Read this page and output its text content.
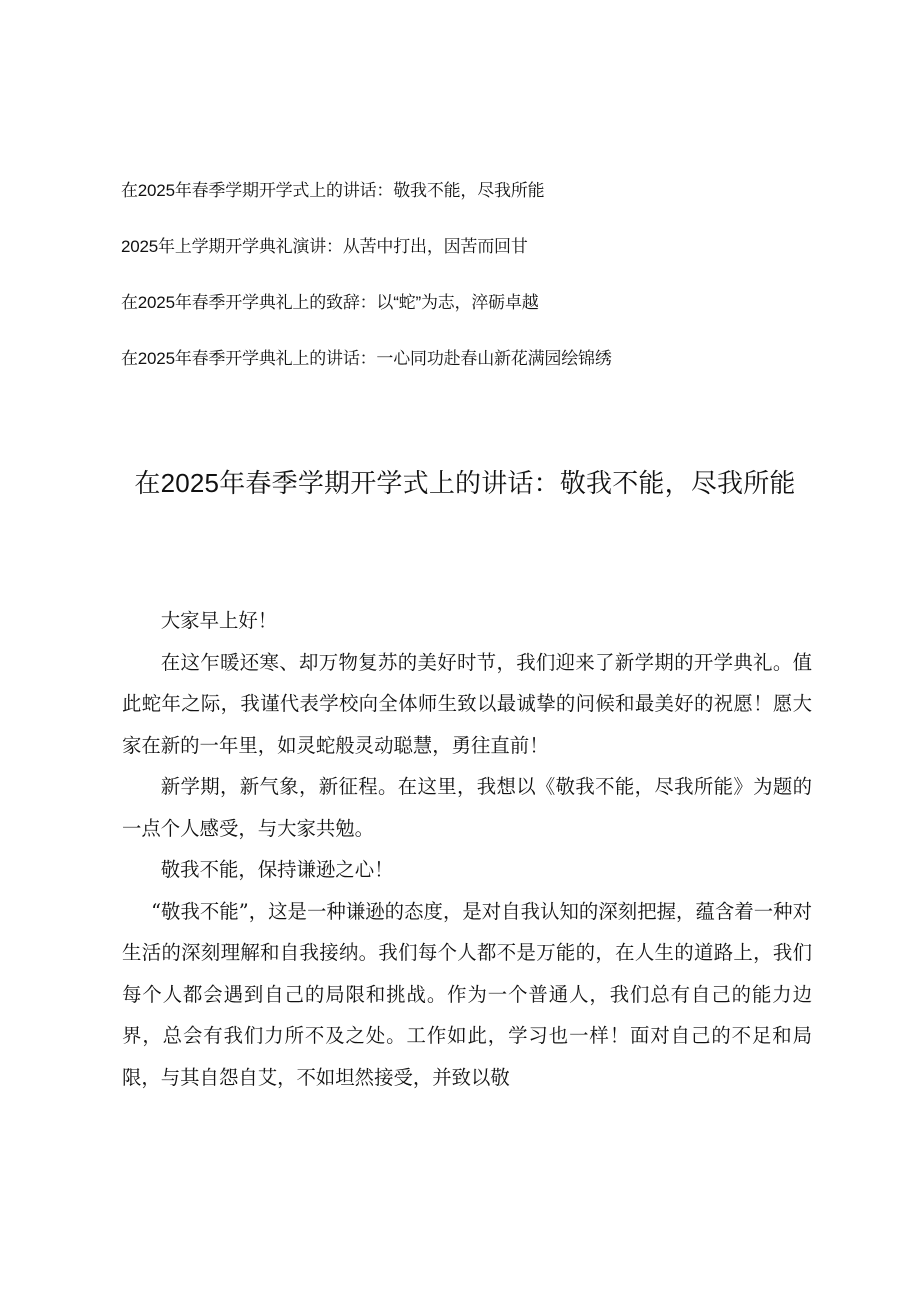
在2025年春季学期开学式上的讲话：敬我不能，尽我所能
2025年上学期开学典礼演讲：从苦中打出，因苦而回甘
在2025年春季开学典礼上的致辞：以“蛇”为志，淬砺卓越
在2025年春季开学典礼上的讲话：一心同功赴春山新花满园绘锦绣
在2025年春季学期开学式上的讲话：敬我不能，尽我所能

大家早上好！

在这乍暖还寒、却万物复苏的美好时节，我们迎来了新学期的开学典礼。值此蛇年之际，我谨代表学校向全体师生致以最诚挚的问候和最美好的祝愿！愿大家在新的一年里，如灵蛇般灵动聪慧，勇往直前！

新学期，新气象，新征程。在这里，我想以《敬我不能，尽我所能》为题的一点个人感受，与大家共勉。

敬我不能，保持谦逊之心！

“敬我不能”，这是一种谦逊的态度，是对自我认知的深刻把握，蕴含着一种对生活的深刻理解和自我接纳。我们每个人都不是万能的，在人生的道路上，我们每个人都会遇到自己的局限和挑战。作为一个普通人，我们总有自己的能力边界，总会有我们力所不及之处。工作如此，学习也一样！面对自己的不足和局限，与其自怨自艾，不如坦然接受，并致以敬
